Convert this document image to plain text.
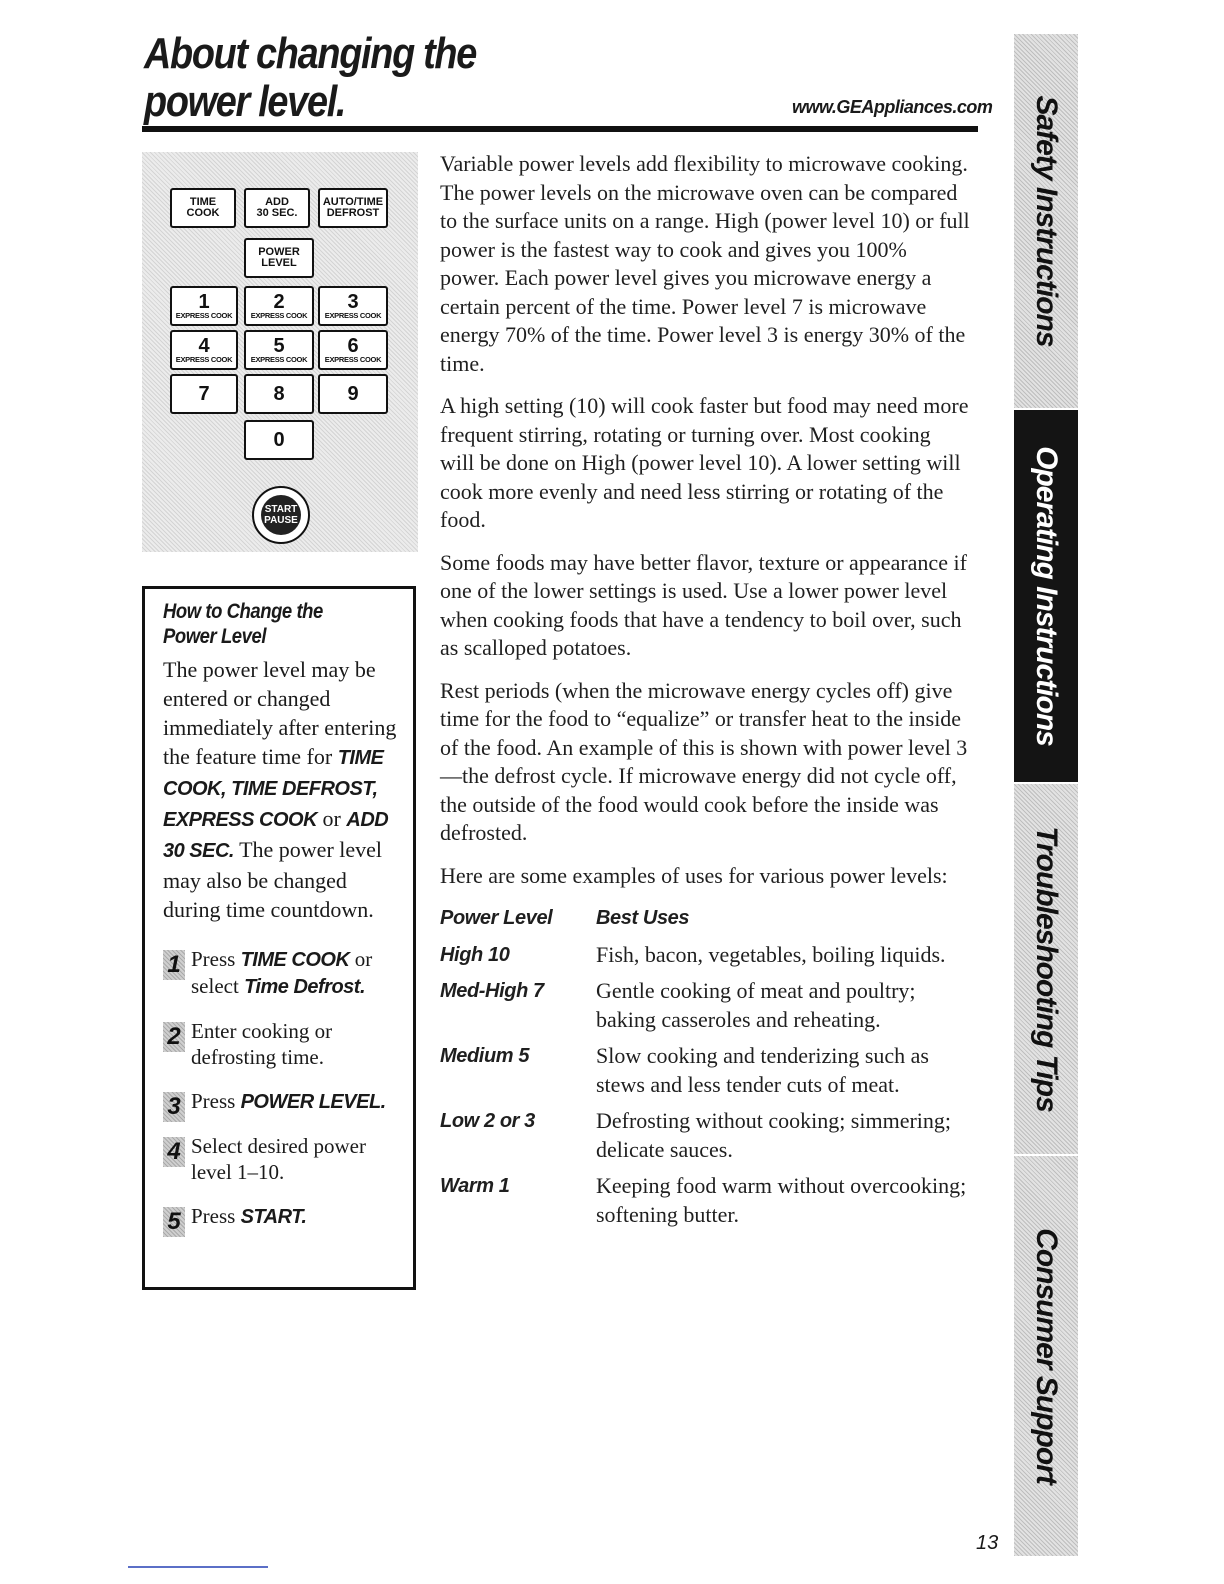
About changing the
power level.	www.GEAppliances.com
TIME
COOK
ADD
30 SEC.
AUTO/TIME
DEFROST
POWER
LEVEL
1
EXPRESS COOK
2
EXPRESS COOK
3
EXPRESS COOK
4
EXPRESS COOK
5
EXPRESS COOK
6
EXPRESS COOK
7	8	9
0
START
PAUSE
How to Change the
Power Level
The power level may be entered or changed immediately after entering the feature time for TIME COOK, TIME DEFROST, EXPRESS COOK or ADD 30 SEC. The power level may also be changed during time countdown.
1 Press TIME COOK or select Time Defrost.
2 Enter cooking or defrosting time.
3 Press POWER LEVEL.
4 Select desired power level 1–10.
5 Press START.

Variable power levels add flexibility to microwave cooking. The power levels on the microwave oven can be compared to the surface units on a range. High (power level 10) or full power is the fastest way to cook and gives you 100% power. Each power level gives you microwave energy a certain percent of the time. Power level 7 is microwave energy 70% of the time. Power level 3 is energy 30% of the time.

A high setting (10) will cook faster but food may need more frequent stirring, rotating or turning over. Most cooking will be done on High (power level 10). A lower setting will cook more evenly and need less stirring or rotating of the food.

Some foods may have better flavor, texture or appearance if one of the lower settings is used. Use a lower power level when cooking foods that have a tendency to boil over, such as scalloped potatoes.

Rest periods (when the microwave energy cycles off) give time for the food to “equalize” or transfer heat to the inside of the food. An example of this is shown with power level 3—the defrost cycle. If microwave energy did not cycle off, the outside of the food would cook before the inside was defrosted.

Here are some examples of uses for various power levels:

Power Level	Best Uses
High 10	Fish, bacon, vegetables, boiling liquids.
Med-High 7	Gentle cooking of meat and poultry; baking casseroles and reheating.
Medium 5	Slow cooking and tenderizing such as stews and less tender cuts of meat.
Low 2 or 3	Defrosting without cooking; simmering; delicate sauces.
Warm 1	Keeping food warm without overcooking; softening butter.
Safety Instructions
Operating Instructions
Troubleshooting Tips
Consumer Support
13
